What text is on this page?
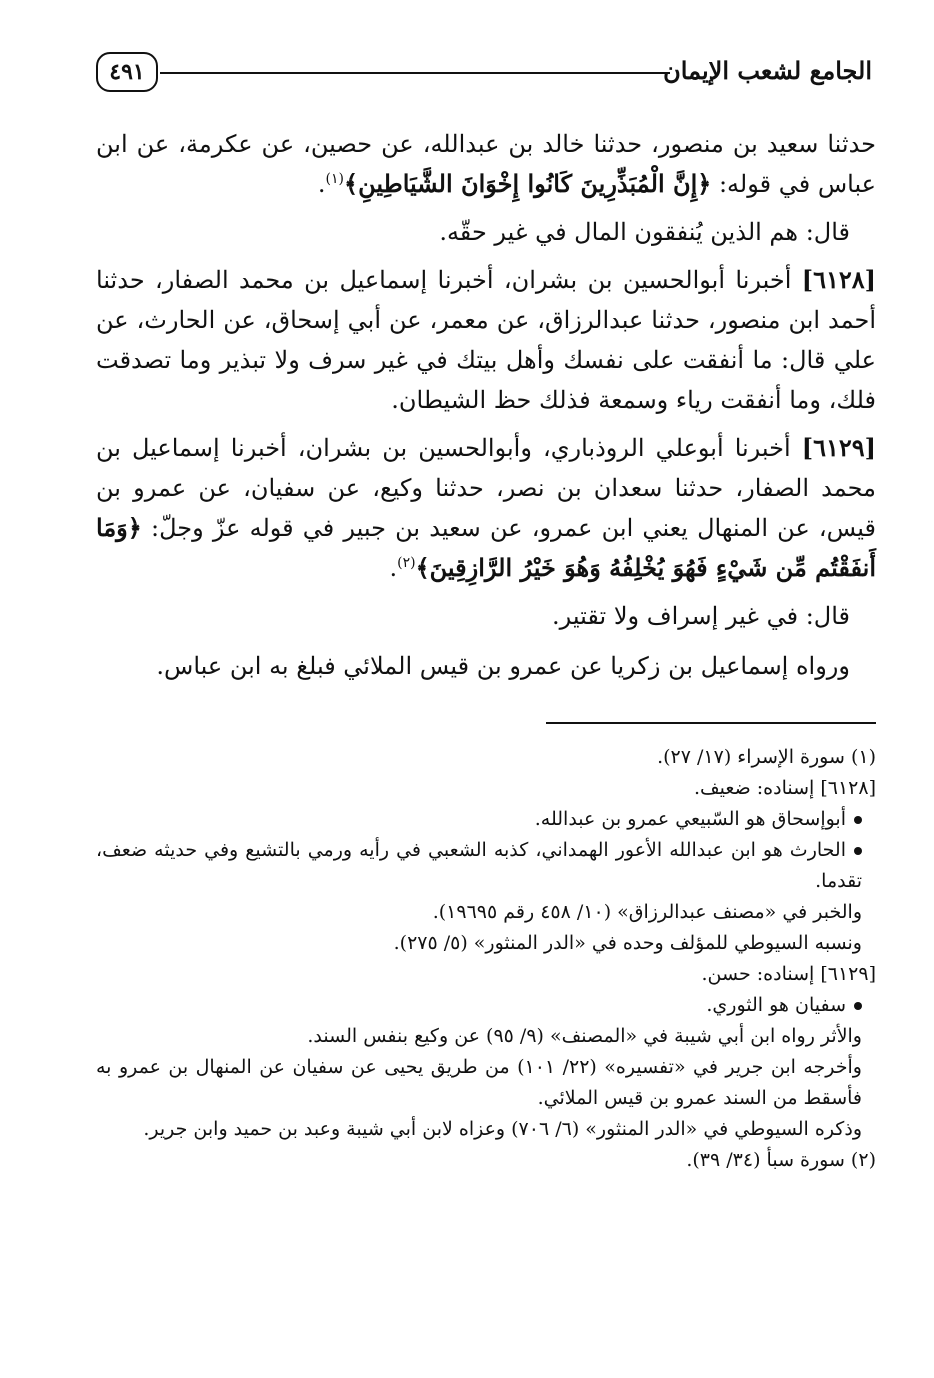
الجامع لشعب الإيمان
٤٩١

حدثنا سعيد بن منصور، حدثنا خالد بن عبدالله، عن حصين، عن عكرمة، عن ابن عباس في قوله: ﴿إِنَّ الْمُبَذِّرِينَ كَانُوا إِخْوَانَ الشَّيَاطِينِ﴾$^{(١)}$.

قال: هم الذين يُنفقون المال في غير حقّه.

[٦١٢٨] أخبرنا أبوالحسين بن بشران، أخبرنا إسماعيل بن محمد الصفار، حدثنا أحمد ابن منصور، حدثنا عبدالرزاق، عن معمر، عن أبي إسحاق، عن الحارث، عن علي قال: ما أنفقت على نفسك وأهل بيتك في غير سرف ولا تبذير وما تصدقت فلك، وما أنفقت رياء وسمعة فذلك حظ الشيطان.

[٦١٢٩] أخبرنا أبوعلي الروذباري، وأبوالحسين بن بشران، أخبرنا إسماعيل بن محمد الصفار، حدثنا سعدان بن نصر، حدثنا وكيع، عن سفيان، عن عمرو بن قيس، عن المنهال يعني ابن عمرو، عن سعيد بن جبير في قوله عزّ وجلّ: ﴿وَمَا أَنفَقْتُم مِّن شَيْءٍ فَهُوَ يُخْلِفُهُ وَهُوَ خَيْرُ الرَّازِقِينَ﴾$^{(٢)}$.

قال: في غير إسراف ولا تقتير.

ورواه إسماعيل بن زكريا عن عمرو بن قيس الملائي فبلغ به ابن عباس.

(١) سورة الإسراء (١٧/ ٢٧).

[٦١٢٨] إسناده: ضعيف.

أبوإسحاق هو السّبيعي عمرو بن عبدالله.

الحارث هو ابن عبدالله الأعور الهمداني، كذبه الشعبي في رأيه ورمي بالتشيع وفي حديثه ضعف، تقدما.

والخبر في «مصنف عبدالرزاق» (١٠/ ٤٥٨ رقم ١٩٦٩٥).

ونسبه السيوطي للمؤلف وحده في «الدر المنثور» (٥/ ٢٧٥).

[٦١٢٩] إسناده: حسن.

سفيان هو الثوري.

والأثر رواه ابن أبي شيبة في «المصنف» (٩/ ٩٥) عن وكيع بنفس السند.

وأخرجه ابن جرير في «تفسيره» (٢٢/ ١٠١) من طريق يحيى عن سفيان عن المنهال بن عمرو به فأسقط من السند عمرو بن قيس الملائي.

وذكره السيوطي في «الدر المنثور» (٦/ ٧٠٦) وعزاه لابن أبي شيبة وعبد بن حميد وابن جرير.

(٢) سورة سبأ (٣٤/ ٣٩).
